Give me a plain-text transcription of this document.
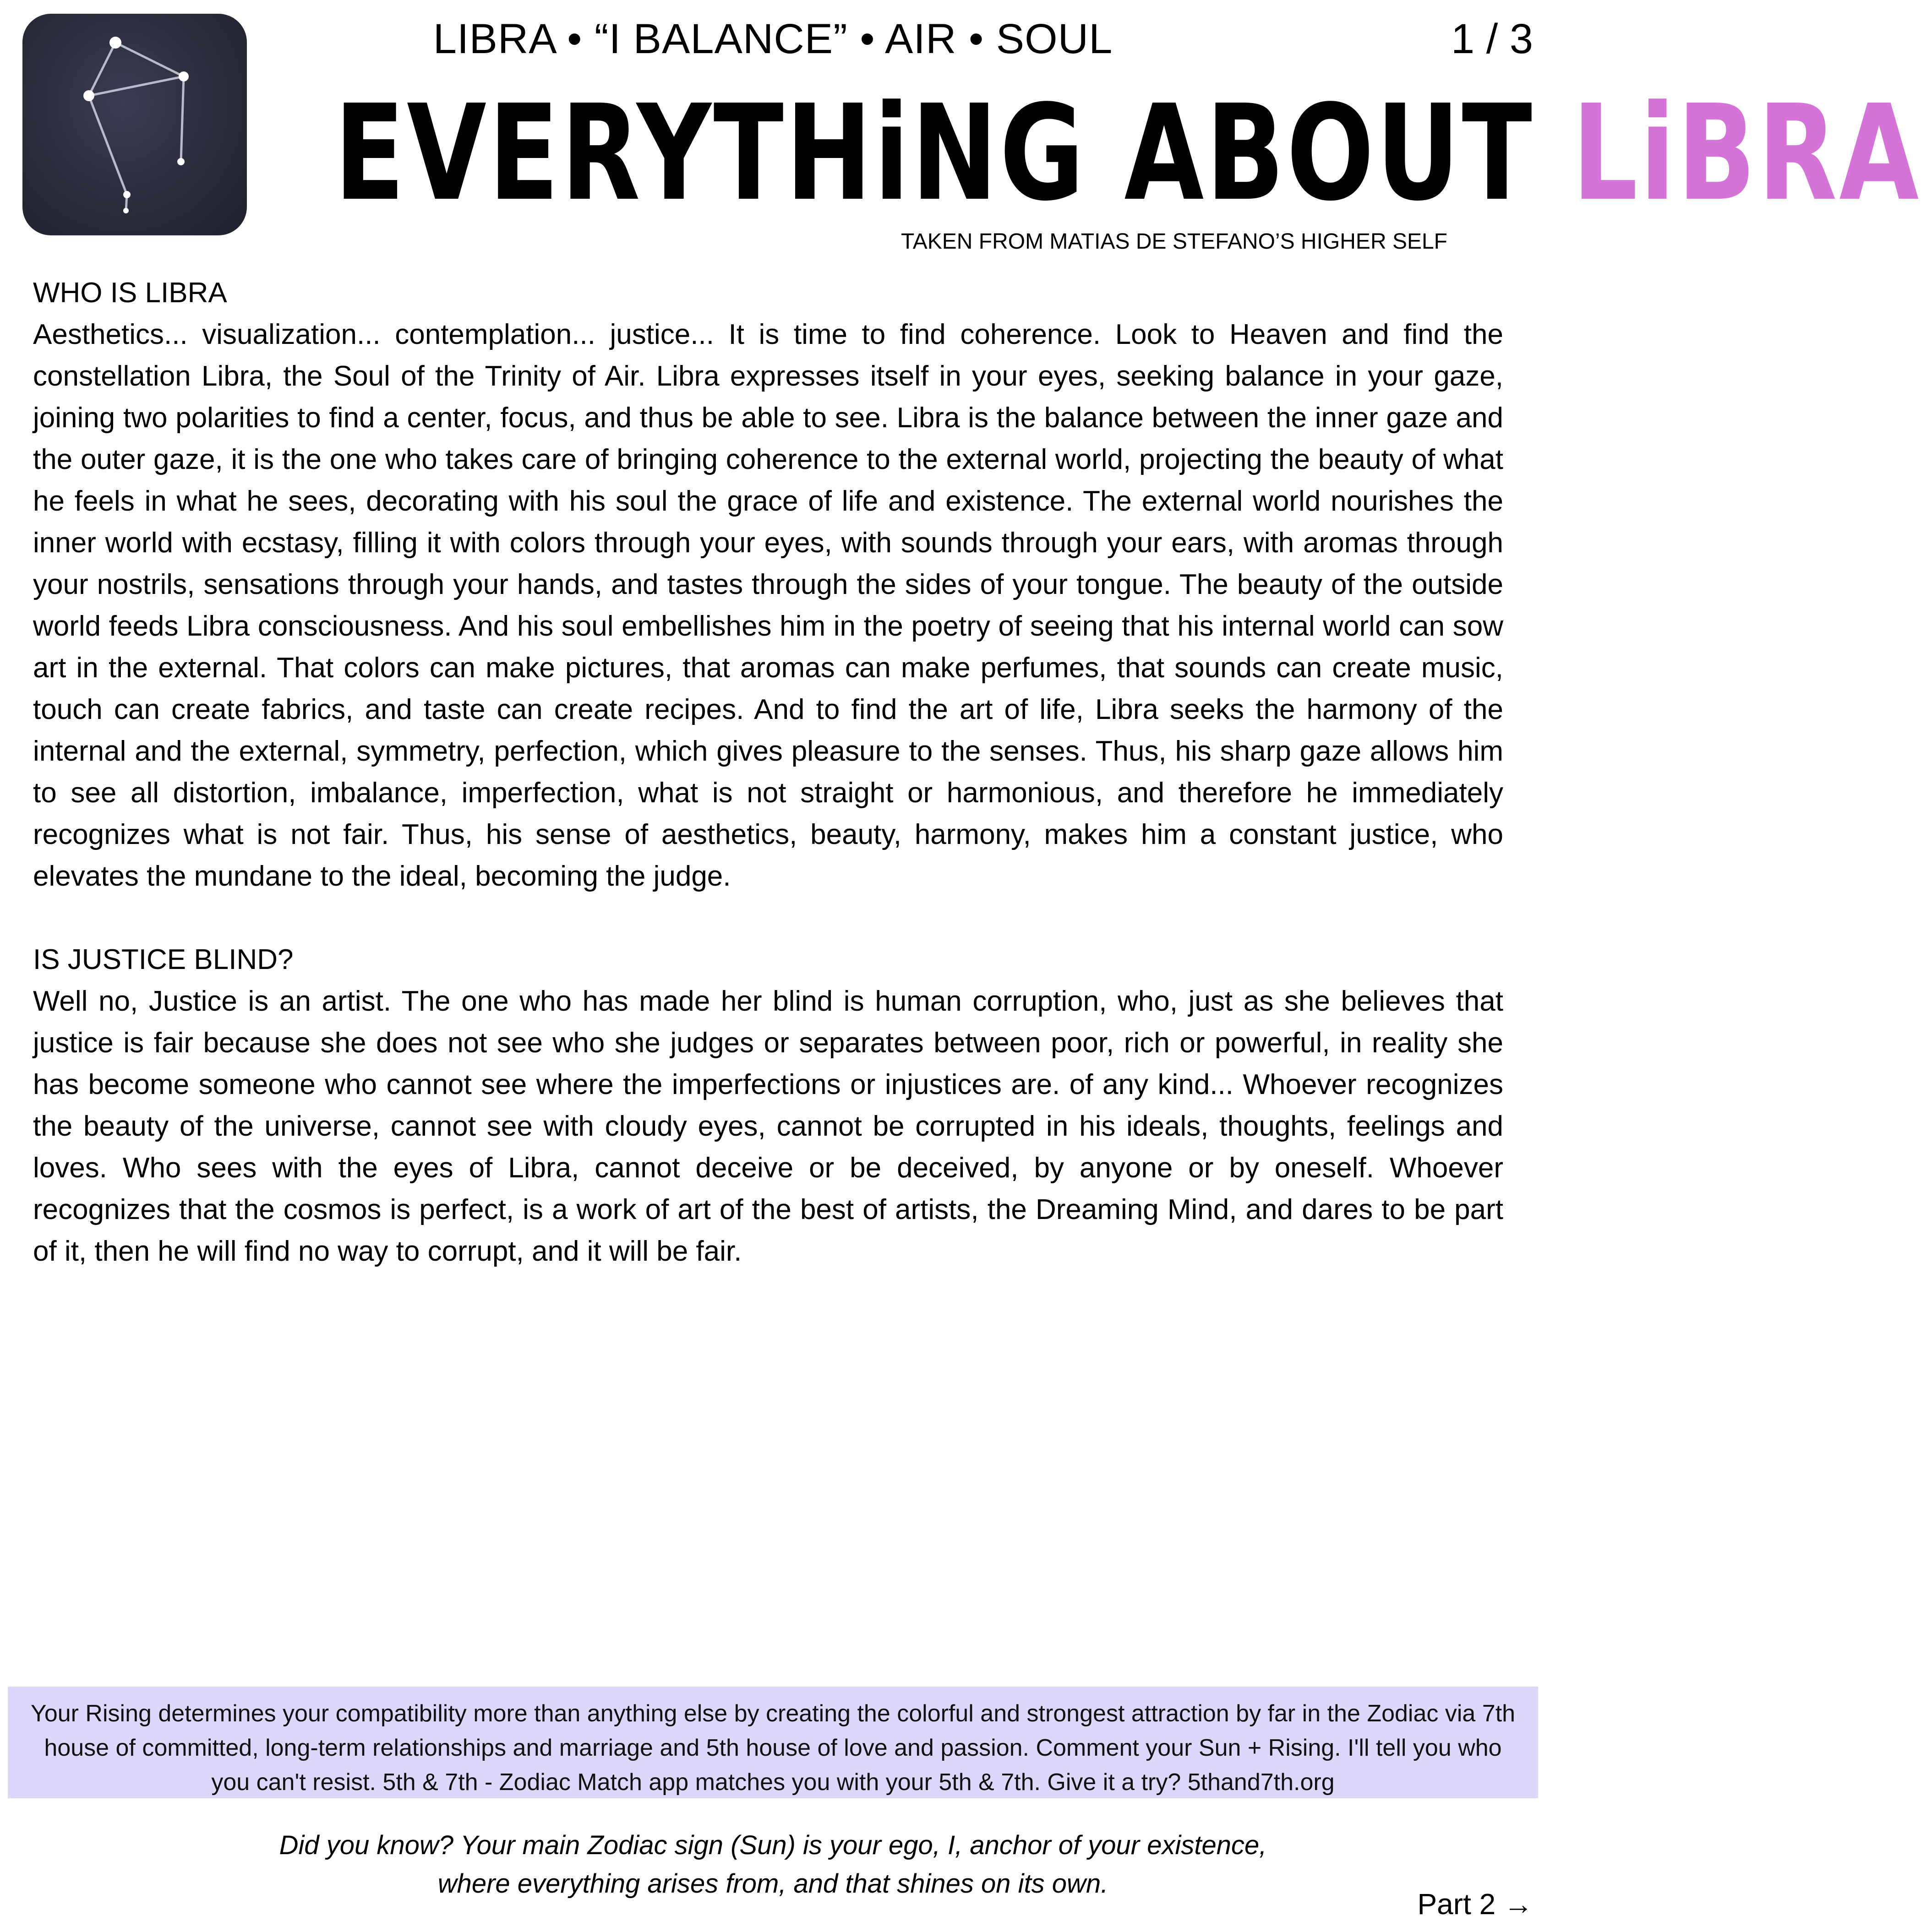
LIBRA • “I BALANCE” • AIR • SOUL	1 / 3
EVERYTHiNG ABOUT LiBRA
TAKEN FROM MATIAS DE STEFANO’S HIGHER SELF
WHO IS LIBRA

Aesthetics... visualization... contemplation... justice... It is time to find coherence. Look to Heaven and find the constellation Libra, the Soul of the Trinity of Air. Libra expresses itself in your eyes, seeking balance in your gaze, joining two polarities to find a center, focus, and thus be able to see. Libra is the balance between the inner gaze and the outer gaze, it is the one who takes care of bringing coherence to the external world, projecting the beauty of what he feels in what he sees, decorating with his soul the grace of life and existence. The external world nourishes the inner world with ecstasy, filling it with colors through your eyes, with sounds through your ears, with aromas through your nostrils, sensations through your hands, and tastes through the sides of your tongue. The beauty of the outside world feeds Libra consciousness. And his soul embellishes him in the poetry of seeing that his internal world can sow art in the external. That colors can make pictures, that aromas can make perfumes, that sounds can create music, touch can create fabrics, and taste can create recipes. And to find the art of life, Libra seeks the harmony of the internal and the external, symmetry, perfection, which gives pleasure to the senses. Thus, his sharp gaze allows him to see all distortion, imbalance, imperfection, what is not straight or harmonious, and therefore he immediately recognizes what is not fair. Thus, his sense of aesthetics, beauty, harmony, makes him a constant justice, who elevates the mundane to the ideal, becoming the judge.

IS JUSTICE BLIND?

Well no, Justice is an artist. The one who has made her blind is human corruption, who, just as she believes that justice is fair because she does not see who she judges or separates between poor, rich or powerful, in reality she has become someone who cannot see where the imperfections or injustices are. of any kind... Whoever recognizes the beauty of the universe, cannot see with cloudy eyes, cannot be corrupted in his ideals, thoughts, feelings and loves. Who sees with the eyes of Libra, cannot deceive or be deceived, by anyone or by oneself. Whoever recognizes that the cosmos is perfect, is a work of art of the best of artists, the Dreaming Mind, and dares to be part of it, then he will find no way to corrupt, and it will be fair.

Your Rising determines your compatibility more than anything else by creating the colorful and strongest attraction by far in the Zodiac via 7th house of committed, long-term relationships and marriage and 5th house of love and passion. Comment your Sun + Rising. I'll tell you who you can't resist. 5th & 7th - Zodiac Match app matches you with your 5th & 7th. Give it a try? 5thand7th.org
Did you know? Your main Zodiac sign (Sun) is your ego, I, anchor of your existence,
where everything arises from, and that shines on its own.
Part 2 →
